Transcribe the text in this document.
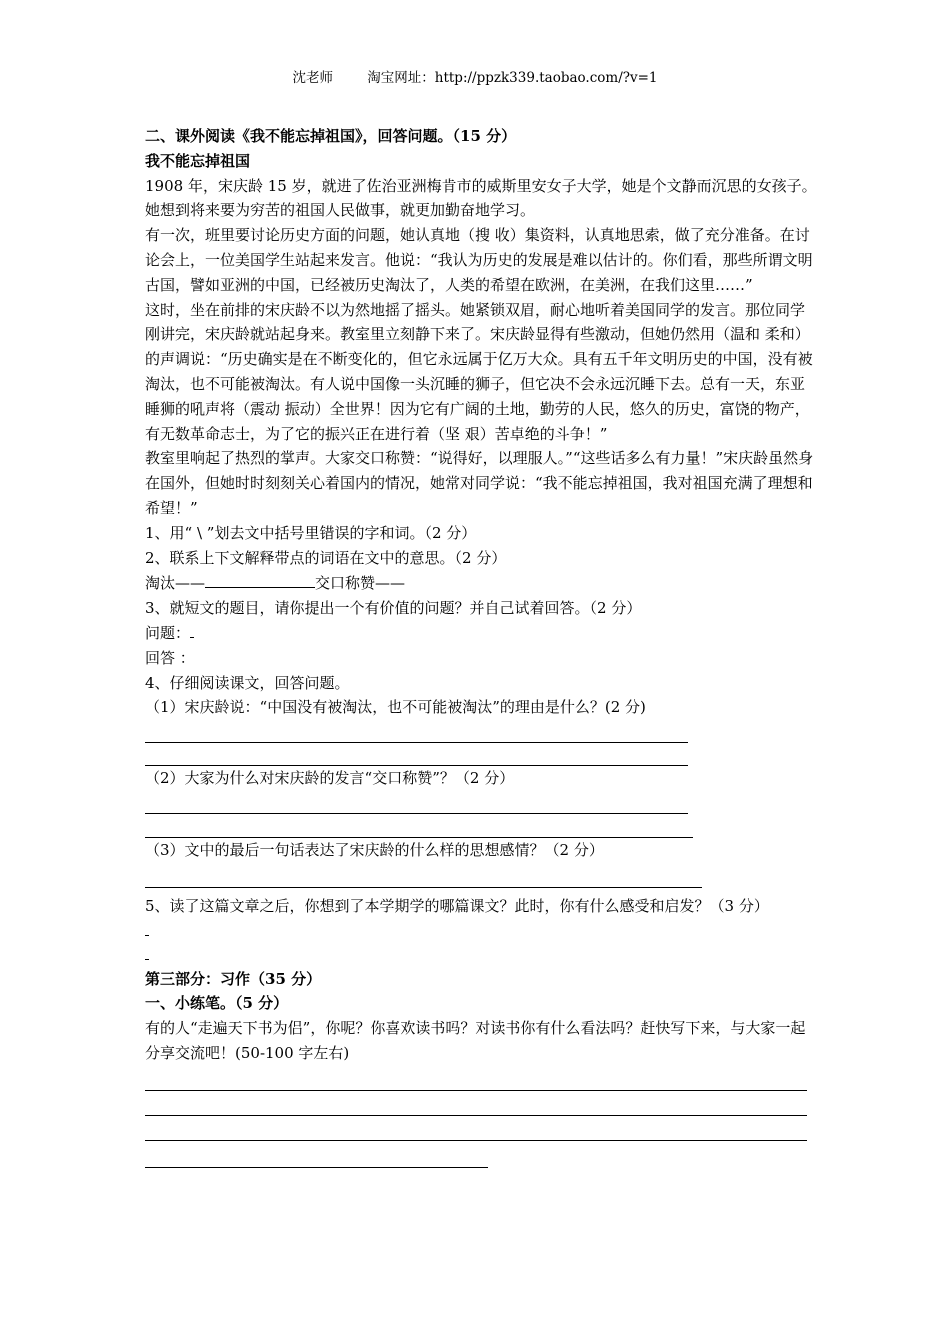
沈老师	淘宝网址：http://ppzk339.taobao.com/?v=1

二、课外阅读《我不能忘掉祖国》，回答问题。（15 分）

我不能忘掉祖国

1908 年，宋庆龄 15 岁，就进了佐治亚洲梅肯市的威斯里安女子大学，她是个文静而沉思的女孩子。她想到将来要为穷苦的祖国人民做事，就更加勤奋地学习。

有一次，班里要讨论历史方面的问题，她认真地（搜 收）集资料，认真地思索，做了充分准备。在讨论会上，一位美国学生站起来发言。他说：“我认为历史的发展是难以估计的。你们看，那些所谓文明古国，譬如亚洲的中国，已经被历史淘汰了，人类的希望在欧洲，在美洲，在我们这里……”

这时，坐在前排的宋庆龄不以为然地摇了摇头。她紧锁双眉，耐心地听着美国同学的发言。那位同学刚讲完，宋庆龄就站起身来。教室里立刻静下来了。宋庆龄显得有些激动，但她仍然用（温和 柔和）的声调说：“历史确实是在不断变化的，但它永远属于亿万大众。具有五千年文明历史的中国，没有被淘汰，也不可能被淘汰。有人说中国像一头沉睡的狮子，但它决不会永远沉睡下去。总有一天，东亚睡狮的吼声将（震动 振动）全世界！因为它有广阔的土地，勤劳的人民，悠久的历史，富饶的物产，有无数革命志士，为了它的振兴正在进行着（坚 艰）苦卓绝的斗争！”

教室里响起了热烈的掌声。大家交口称赞：“说得好，以理服人。”“这些话多么有力量！”宋庆龄虽然身在国外，但她时时刻刻关心着国内的情况，她常对同学说：“我不能忘掉祖国，我对祖国充满了理想和希望！”

1、用“ \ ”划去文中括号里错误的字和词。（2 分）

2、联系上下文解释带点的词语在文中的意思。（2 分）

淘汰——	交口称赞——

3、就短文的题目，请你提出一个有价值的问题？并自己试着回答。（2 分）

问题：

回答 ：

4、仔细阅读课文，回答问题。

（1）宋庆龄说：“中国没有被淘汰，也不可能被淘汰”的理由是什么？(2 分)

（2）大家为什么对宋庆龄的发言“交口称赞”？（2 分）

（3）文中的最后一句话表达了宋庆龄的什么样的思想感情？（2 分）

5、读了这篇文章之后，你想到了本学期学的哪篇课文？此时，你有什么感受和启发？（3 分）

第三部分：习作（35 分）

一、小练笔。（5 分）

有的人“走遍天下书为侣”，你呢？你喜欢读书吗？对读书你有什么看法吗？赶快写下来，与大家一起分享交流吧！(50-100 字左右)
